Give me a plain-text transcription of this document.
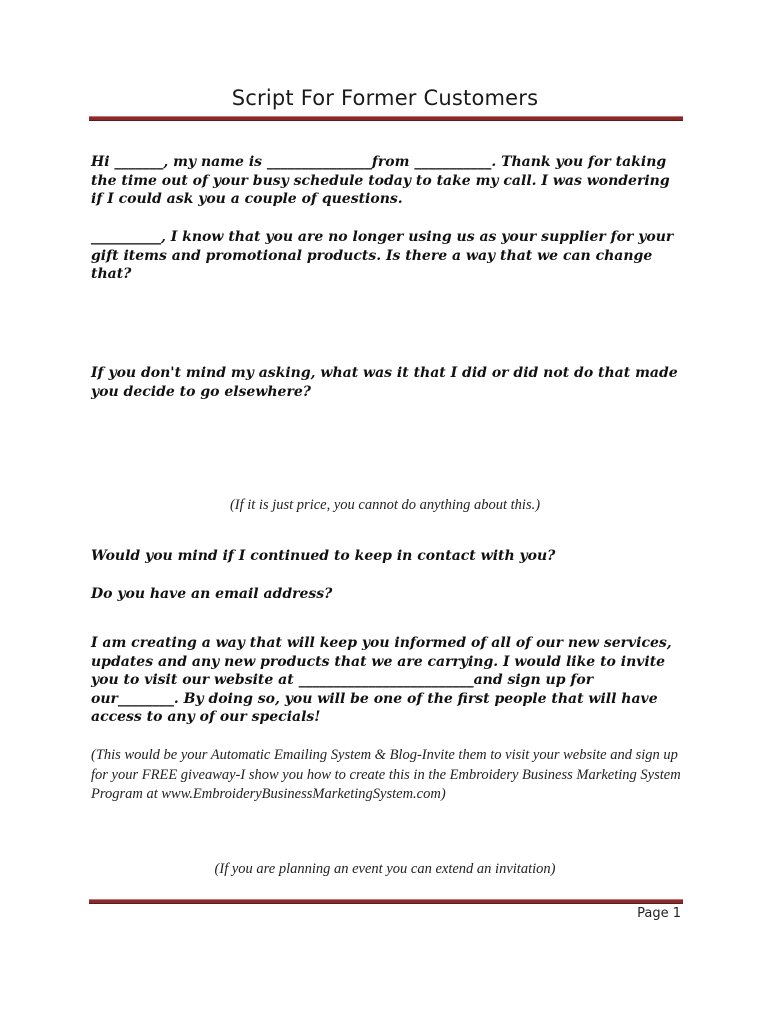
Script For Former Customers

Hi _______, my name is _______________from ___________. Thank you for taking the time out of your busy schedule today to take my call. I was wondering if I could ask you a couple of questions.

__________, I know that you are no longer using us as your supplier for your gift items and promotional products. Is there a way that we can change that?

If you don't mind my asking, what was it that I did or did not do that made you decide to go elsewhere?

(If it is just price, you cannot do anything about this.)

Would you mind if I continued to keep in contact with you?

Do you have an email address?

I am creating a way that will keep you informed of all of our new services, updates and any new products that we are carrying. I would like to invite you to visit our website at _________________________and sign up for our________. By doing so, you will be one of the first people that will have access to any of our specials!

(This would be your Automatic Emailing System & Blog-Invite them to visit your website and sign up for your FREE giveaway-I show you how to create this in the Embroidery Business Marketing System Program at www.EmbroideryBusinessMarketingSystem.com)

(If you are planning an event you can extend an invitation)

Page 1
